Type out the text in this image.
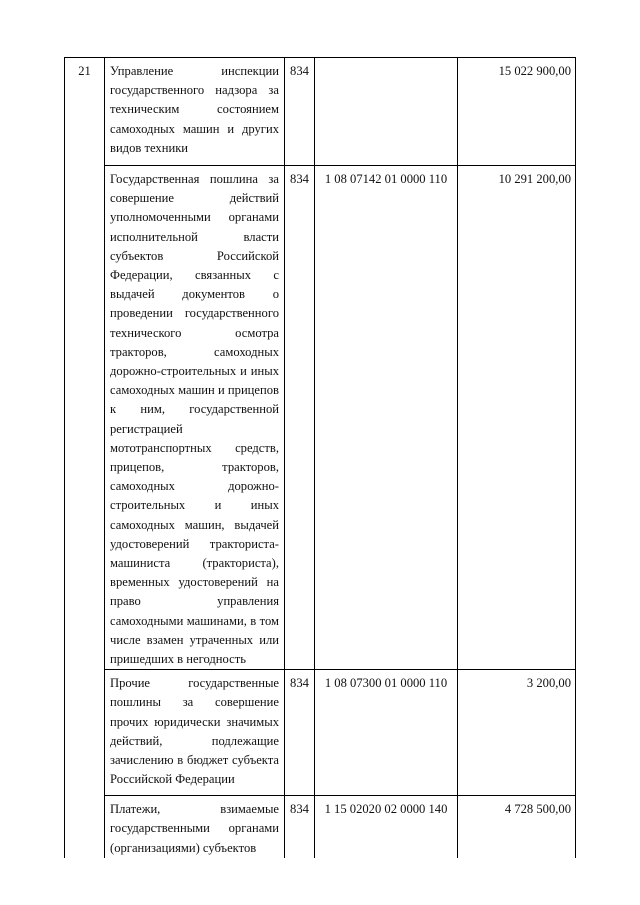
21	Управление инспекции государственного надзора за техническим состоянием самоходных машин и других видов техники	834		15 022 900,00

	Государственная пошлина за совершение действий уполномоченными органами исполнительной власти субъектов Российской Федерации, связанных с выдачей документов о проведении государственного технического осмотра тракторов, самоходных дорожно-строительных и иных самоходных машин и прицепов к ним, государственной регистрацией мототранспортных средств, прицепов, тракторов, самоходных дорожно-строительных и иных самоходных машин, выдачей удостоверений тракториста-машиниста (тракториста), временных удостоверений на право управления самоходными машинами, в том числе взамен утраченных или пришедших в негодность	834	1 08 07142 01 0000 110	10 291 200,00

	Прочие государственные пошлины за совершение прочих юридически значимых действий, подлежащие зачислению в бюджет субъекта Российской Федерации	834	1 08 07300 01 0000 110	3 200,00

	Платежи, взимаемые государственными органами (организациями) субъектов	834	1 15 02020 02 0000 140	4 728 500,00
